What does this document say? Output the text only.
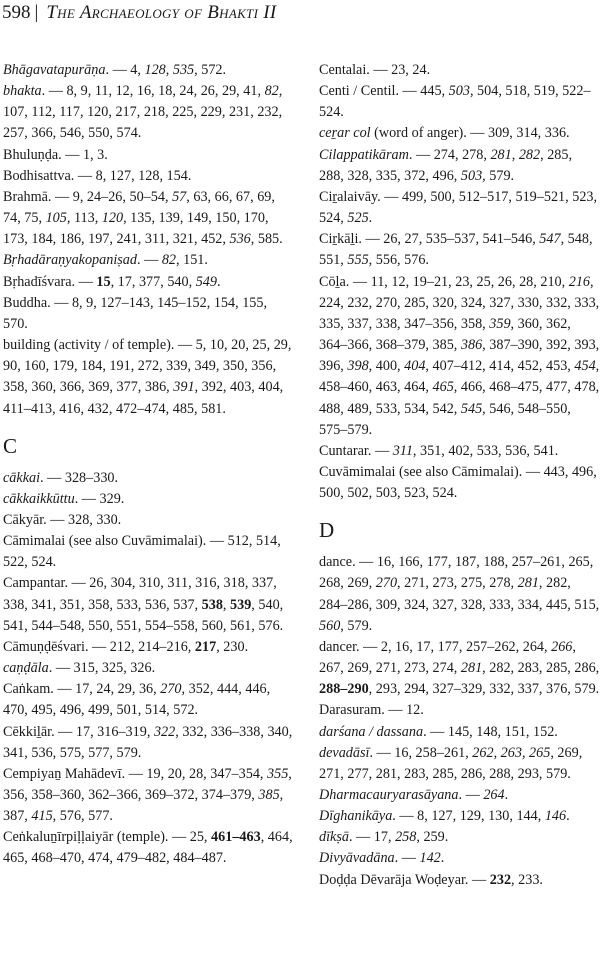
598 | The Archaeology of Bhakti II
Bhāgavatapurāṇa. — 4, 128, 535, 572.
bhakta. — 8, 9, 11, 12, 16, 18, 24, 26, 29, 41, 82, 107, 112, 117, 120, 217, 218, 225, 229, 231, 232, 257, 366, 546, 550, 574.
Bhuluṇḍa. — 1, 3.
Bodhisattva. — 8, 127, 128, 154.
Brahmā. — 9, 24–26, 50–54, 57, 63, 66, 67, 69, 74, 75, 105, 113, 120, 135, 139, 149, 150, 170, 173, 184, 186, 197, 241, 311, 321, 452, 536, 585.
Bṛhadāraṇyakopaniṣad. — 82, 151.
Bṛhadīśvara. — 15, 17, 377, 540, 549.
Buddha. — 8, 9, 127–143, 145–152, 154, 155, 570.
building (activity / of temple). — 5, 10, 20, 25, 29, 90, 160, 179, 184, 191, 272, 339, 349, 350, 356, 358, 360, 366, 369, 377, 386, 391, 392, 403, 404, 411–413, 416, 432, 472–474, 485, 581.
C
cākkai. — 328–330.
cākkaikkūttu. — 329.
Cākyār. — 328, 330.
Cāmimalai (see also Cuvāmimalai). — 512, 514, 522, 524.
Campantar. — 26, 304, 310, 311, 316, 318, 337, 338, 341, 351, 358, 533, 536, 537, 538, 539, 540, 541, 544–548, 550, 551, 554–558, 560, 561, 576.
Cāmuṇḍēśvari. — 212, 214–216, 217, 230.
caṇḍāla. — 315, 325, 326.
Caṅkam. — 17, 24, 29, 36, 270, 352, 444, 446, 470, 495, 496, 499, 501, 514, 572.
Cēkkiḻār. — 17, 316–319, 322, 332, 336–338, 340, 341, 536, 575, 577, 579.
Cempiyaṉ Mahādevī. — 19, 20, 28, 347–354, 355, 356, 358–360, 362–366, 369–372, 374–379, 385, 387, 415, 576, 577.
Ceṅkaluṉīrpiḷḷaiyār (temple). — 25, 461–463, 464, 465, 468–470, 474, 479–482, 484–487.
Centalai. — 23, 24.
Centi / Centil. — 445, 503, 504, 518, 519, 522–524.
ceṟar col (word of anger). — 309, 314, 336.
Cilappatikāram. — 274, 278, 281, 282, 285, 288, 328, 335, 372, 496, 503, 579.
Ciṟalaivāy. — 499, 500, 512–517, 519–521, 523, 524, 525.
Ciṟkāḻi. — 26, 27, 535–537, 541–546, 547, 548, 551, 555, 556, 576.
Cōḻa. — 11, 12, 19–21, 23, 25, 26, 28, 210, 216, 224, 232, 270, 285, 320, 324, 327, 330, 332, 333, 335, 337, 338, 347–356, 358, 359, 360, 362, 364–366, 368–379, 385, 386, 387–390, 392, 393, 396, 398, 400, 404, 407–412, 414, 452, 453, 454, 458–460, 463, 464, 465, 466, 468–475, 477, 478, 488, 489, 533, 534, 542, 545, 546, 548–550, 575–579.
Cuntarar. — 311, 351, 402, 533, 536, 541.
Cuvāmimalai (see also Cāmimalai). — 443, 496, 500, 502, 503, 523, 524.
D
dance. — 16, 166, 177, 187, 188, 257–261, 265, 268, 269, 270, 271, 273, 275, 278, 281, 282, 284–286, 309, 324, 327, 328, 333, 334, 445, 515, 560, 579.
dancer. — 2, 16, 17, 177, 257–262, 264, 266, 267, 269, 271, 273, 274, 281, 282, 283, 285, 286, 288–290, 293, 294, 327–329, 332, 337, 376, 579.
Darasuram. — 12.
darśana / dassana. — 145, 148, 151, 152.
devadāsī. — 16, 258–261, 262, 263, 265, 269, 271, 277, 281, 283, 285, 286, 288, 293, 579.
Dharmacauryarasāyana. — 264.
Dīghanikāya. — 8, 127, 129, 130, 144, 146.
dīkṣā. — 17, 258, 259.
Divyāvadāna. — 142.
Doḍḍa Dēvarāja Woḍeyar. — 232, 233.
